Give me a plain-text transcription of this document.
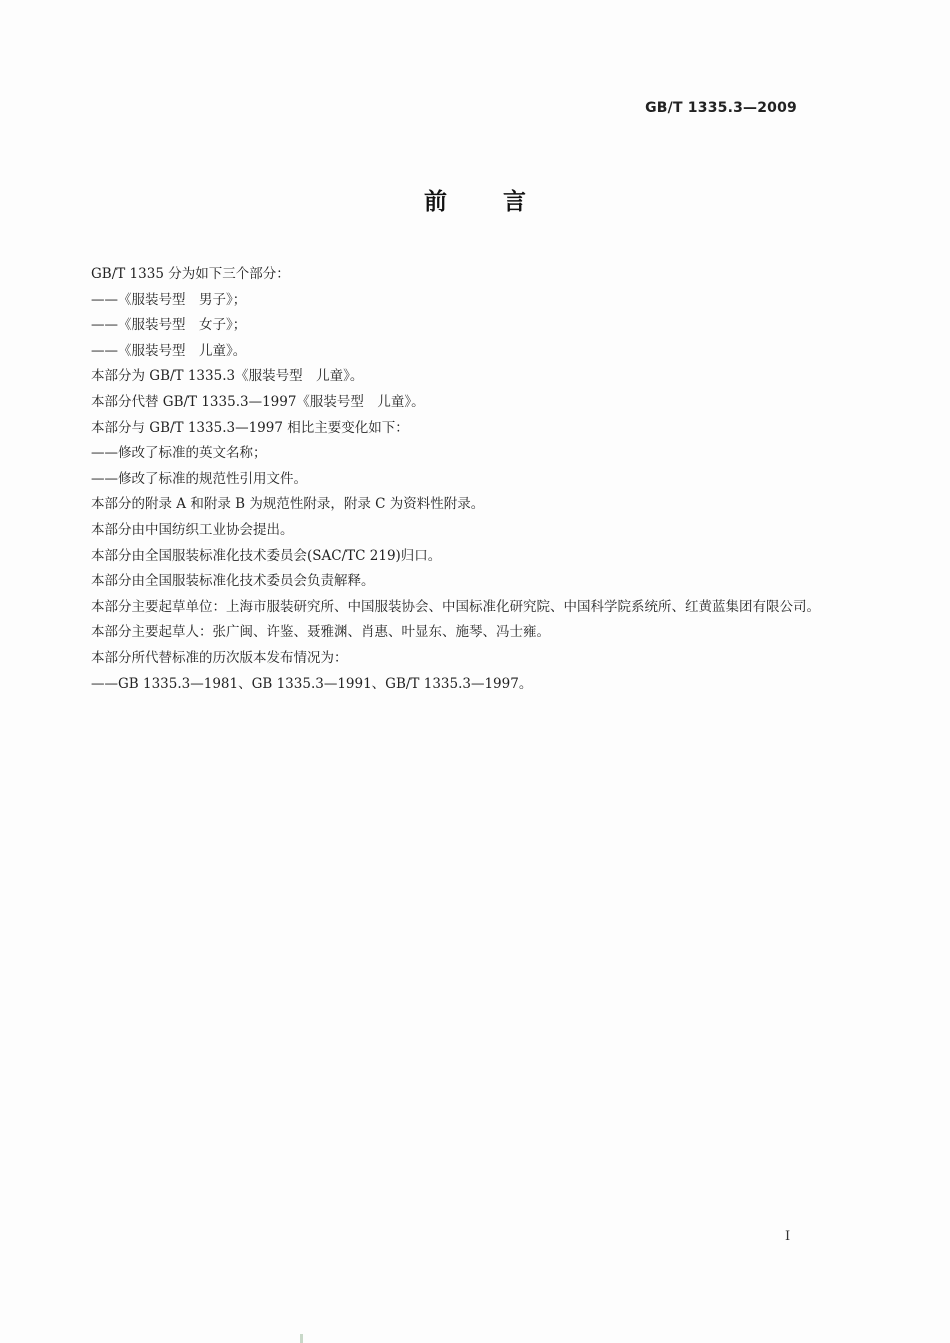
GB/T 1335.3—2009
前言

GB/T 1335 分为如下三个部分：

——《服装号型　男子》；

——《服装号型　女子》；

——《服装号型　儿童》。

本部分为 GB/T 1335.3《服装号型　儿童》。

本部分代替 GB/T 1335.3—1997《服装号型　儿童》。

本部分与 GB/T 1335.3—1997 相比主要变化如下：

——修改了标准的英文名称；

——修改了标准的规范性引用文件。

本部分的附录 A 和附录 B 为规范性附录，附录 C 为资料性附录。

本部分由中国纺织工业协会提出。

本部分由全国服装标准化技术委员会(SAC/TC 219)归口。

本部分由全国服装标准化技术委员会负责解释。

本部分主要起草单位：上海市服装研究所、中国服装协会、中国标准化研究院、中国科学院系统所、红黄蓝集团有限公司。

本部分主要起草人：张广闽、许鉴、聂雅渊、肖惠、叶显东、施琴、冯士雍。

本部分所代替标准的历次版本发布情况为：

——GB 1335.3—1981、GB 1335.3—1991、GB/T 1335.3—1997。

I
